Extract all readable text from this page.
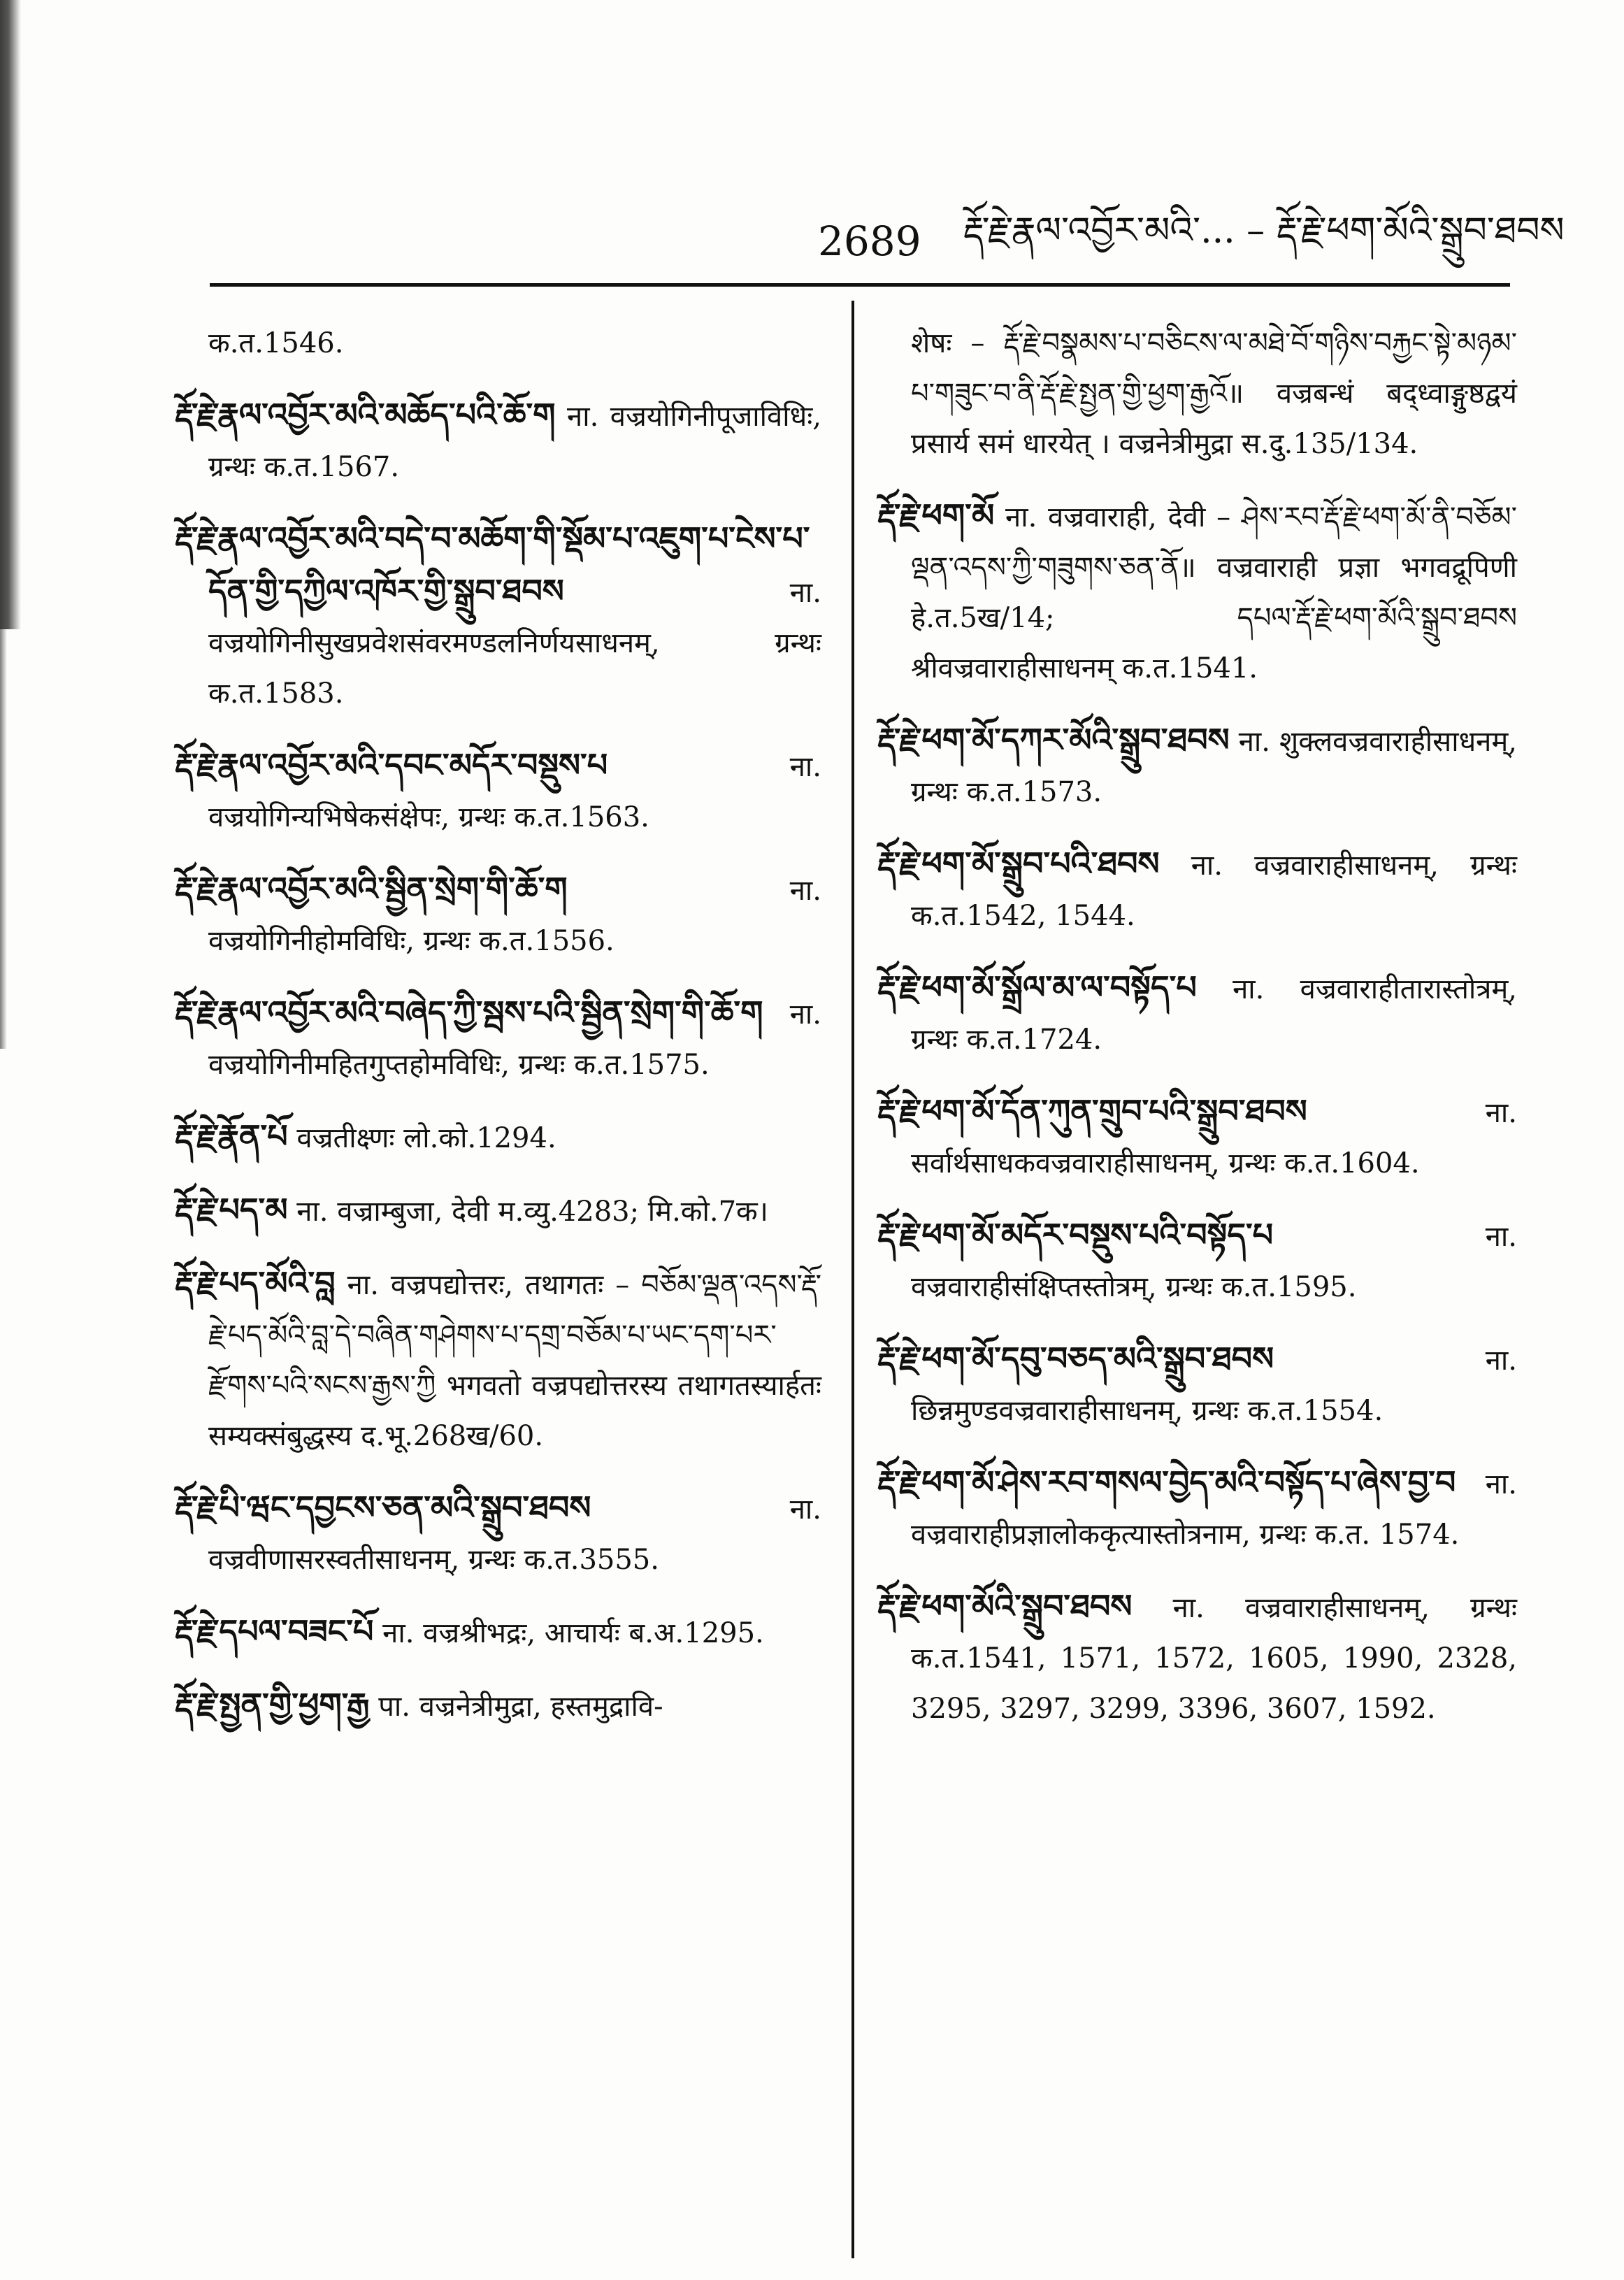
2689 རྡོ་རྗེ་རྣལ་འབྱོར་མའི་... – རྡོ་རྗེ་ཕག་མོའི་སྒྲུབ་ཐབས

क.त.1546.

རྡོ་རྗེ་རྣལ་འབྱོར་མའི་མཆོད་པའི་ཆོ་ག ना. वज्रयोगिनीपूजाविधिः, ग्रन्थः क.त.1567.

རྡོ་རྗེ་རྣལ་འབྱོར་མའི་བདེ་བ་མཆོག་གི་སྡོམ་པ་འཇུག་པ་ངེས་པ་དོན་གྱི་དཀྱིལ་འཁོར་གྱི་སྒྲུབ་ཐབས	ना. वज्रयोगिनीसुखप्रवेशसंवरमण्डलनिर्णयसाधनम्, ग्रन्थः क.त.1583.

རྡོ་རྗེ་རྣལ་འབྱོར་མའི་དབང་མདོར་བསྡུས་པ	ना. वज्रयोगिन्यभिषेकसंक्षेपः, ग्रन्थः क.त.1563.

རྡོ་རྗེ་རྣལ་འབྱོར་མའི་སྦྱིན་སྲེག་གི་ཆོ་ག	ना. वज्रयोगिनीहोमविधिः, ग्रन्थः क.त.1556.

རྡོ་རྗེ་རྣལ་འབྱོར་མའི་བཞེད་ཀྱི་སྦས་པའི་སྦྱིན་སྲེག་གི་ཆོ་ག ना. वज्रयोगिनीमहितगुप्तहोमविधिः, ग्रन्थः क.त.1575.

རྡོ་རྗེ་རྣོན་པོ वज्रतीक्ष्णः लो.को.1294.

རྡོ་རྗེ་པད་མ ना. वज्राम्बुजा, देवी म.व्यु.4283; मि.को.7क।

རྡོ་རྗེ་པད་མོའི་བླ ना. वज्रपद्योत्तरः, तथागतः – བཅོམ་ལྡན་འདས་རྡོ་རྗེ་པད་མོའི་བླ་དེ་བཞིན་གཤེགས་པ་དགྲ་བཅོམ་པ་ཡང་དག་པར་རྫོགས་པའི་སངས་རྒྱས་ཀྱི भगवतो वज्रपद्योत्तरस्य तथागतस्यार्हतः सम्यक्संबुद्धस्य द.भू.268ख/60.

རྡོ་རྗེ་པི་ཝང་དབྱངས་ཅན་མའི་སྒྲུབ་ཐབས	ना. वज्रवीणासरस्वतीसाधनम्, ग्रन्थः क.त.3555.

རྡོ་རྗེ་དཔལ་བཟང་པོ ना. वज्रश्रीभद्रः, आचार्यः ब.अ.1295.

རྡོ་རྗེ་སྤྱན་གྱི་ཕྱག་རྒྱ पा. वज्रनेत्रीमुद्रा, हस्तमुद्रावि-

शेषः – རྡོ་རྗེ་བསྣམས་པ་བཅིངས་ལ་མཐེ་བོ་གཉིས་བརྐྱང་སྟེ་མཉམ་པ་གཟུང་བ་ནི་རྡོ་རྗེ་སྤྱན་གྱི་ཕྱག་རྒྱའོ॥ वज्रबन्धं बद्ध्वाङ्गुष्ठद्वयं प्रसार्य समं धारयेत् । वज्रनेत्रीमुद्रा स.दु.135/134.

རྡོ་རྗེ་ཕག་མོ ना. वज्रवाराही, देवी – ཤེས་རབ་རྡོ་རྗེ་ཕག་མོ་ནི་བཅོམ་ལྡན་འདས་ཀྱི་གཟུགས་ཅན་ནོ॥ वज्रवाराही प्रज्ञा भगवद्रूपिणी हे.त.5ख/14; དཔལ་རྡོ་རྗེ་ཕག་མོའི་སྒྲུབ་ཐབས श्रीवज्रवाराहीसाधनम् क.त.1541.

རྡོ་རྗེ་ཕག་མོ་དཀར་མོའི་སྒྲུབ་ཐབས ना. शुक्लवज्रवाराहीसाधनम्, ग्रन्थः क.त.1573.

རྡོ་རྗེ་ཕག་མོ་སྒྲུབ་པའི་ཐབས ना. वज्रवाराहीसाधनम्, ग्रन्थः क.त.1542, 1544.

རྡོ་རྗེ་ཕག་མོ་སྒྲོལ་མ་ལ་བསྟོད་པ ना. वज्रवाराहीतारास्तोत्रम्, ग्रन्थः क.त.1724.

རྡོ་རྗེ་ཕག་མོ་དོན་ཀུན་གྲུབ་པའི་སྒྲུབ་ཐབས	ना. सर्वार्थसाधकवज्रवाराहीसाधनम्, ग्रन्थः क.त.1604.

རྡོ་རྗེ་ཕག་མོ་མདོར་བསྡུས་པའི་བསྟོད་པ	ना. वज्रवाराहीसंक्षिप्तस्तोत्रम्, ग्रन्थः क.त.1595.

རྡོ་རྗེ་ཕག་མོ་དབུ་བཅད་མའི་སྒྲུབ་ཐབས	ना. छिन्नमुण्डवज्रवाराहीसाधनम्, ग्रन्थः क.त.1554.

རྡོ་རྗེ་ཕག་མོ་ཤེས་རབ་གསལ་བྱེད་མའི་བསྟོད་པ་ཞེས་བྱ་བ ना. वज्रवाराहीप्रज्ञालोककृत्यास्तोत्रनाम, ग्रन्थः क.त. 1574.

རྡོ་རྗེ་ཕག་མོའི་སྒྲུབ་ཐབས ना. वज्रवाराहीसाधनम्, ग्रन्थः क.त.1541, 1571, 1572, 1605, 1990, 2328, 3295, 3297, 3299, 3396, 3607, 1592.
